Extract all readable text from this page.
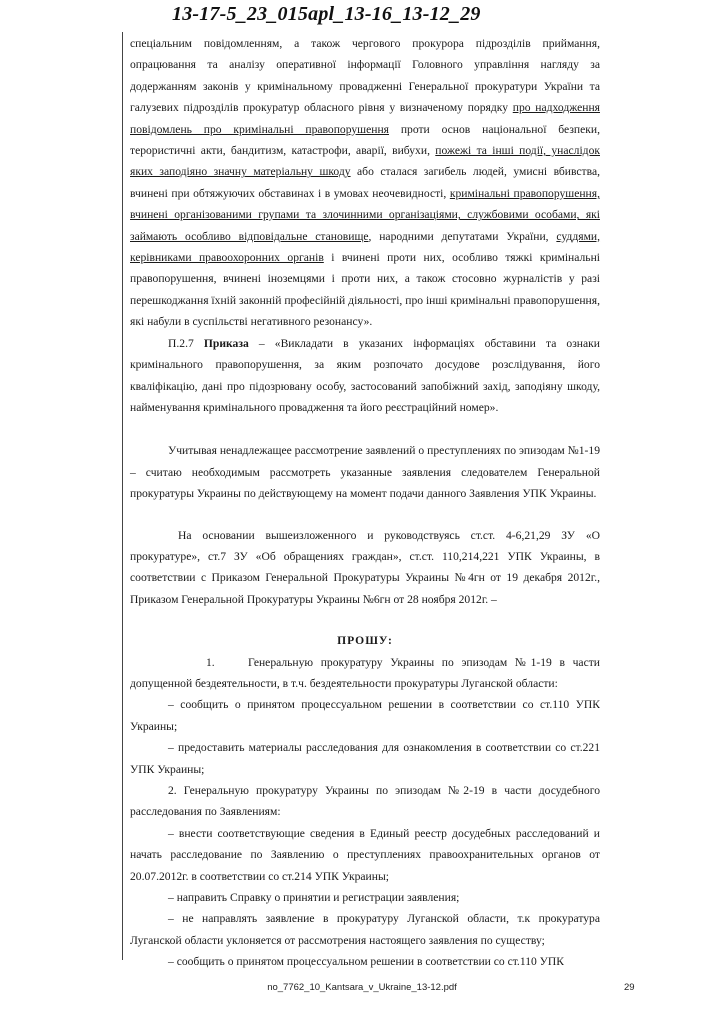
13-17-5_23_015apl_13-16_13-12_29

спеціальним повідомленням, а також чергового прокурора підрозділів приймання, опрацювання та аналізу оперативної інформації Головного управління нагляду за додержанням законів у кримінальному провадженні Генеральної прокуратури України та галузевих підрозділів прокуратур обласного рівня у визначеному порядку про надходження повідомлень про кримінальні правопорушення проти основ національної безпеки, терористичні акти, бандитизм, катастрофи, аварії, вибухи, пожежі та інші події, унаслідок яких заподіяно значну матеріальну шкоду або сталася загибель людей, умисні вбивства, вчинені при обтяжуючих обставинах і в умовах неочевидності, кримінальні правопорушення, вчинені організованими групами та злочинними організаціями, службовими особами, які займають особливо відповідальне становище, народними депутатами України, суддями, керівниками правоохоронних органів і вчинені проти них, особливо тяжкі кримінальні правопорушення, вчинені іноземцями і проти них, а також стосовно журналістів у разі перешкоджання їхній законній професійній діяльності, про інші кримінальні правопорушення, які набули в суспільстві негативного резонансу».

П.2.7 Приказа – «Викладати в указаних інформаціях обставини та ознаки кримінального правопорушення, за яким розпочато досудове розслідування, його кваліфікацію, дані про підозрювану особу, застосований запобіжний захід, заподіяну шкоду, найменування кримінального провадження та його реєстраційний номер».

Учитывая ненадлежащее рассмотрение заявлений о преступлениях по эпизодам №1-19 – считаю необходимым рассмотреть указанные заявления следователем Генеральной прокуратуры Украины по действующему на момент подачи данного Заявления УПК Украины.

На основании вышеизложенного и руководствуясь ст.ст. 4-6,21,29 ЗУ «О прокуратуре», ст.7 ЗУ «Об обращениях граждан», ст.ст. 110,214,221 УПК Украины, в соответствии с Приказом Генеральной Прокуратуры Украины №4гн от 19 декабря 2012г., Приказом Генеральной Прокуратуры Украины №6гн от 28 ноября 2012г. –

ПРОШУ:

1.	Генеральную прокуратуру Украины по эпизодам №1-19 в части допущенной бездеятельности, в т.ч. бездеятельности прокуратуры Луганской области:

– сообщить о принятом процессуальном решении в соответствии со ст.110 УПК Украины;

– предоставить материалы расследования для ознакомления в соответствии со ст.221 УПК Украины;

2. Генеральную прокуратуру Украины по эпизодам №2-19 в части досудебного расследования по Заявлениям:

– внести соответствующие сведения в Единый реестр досудебных расследований и начать расследование по Заявлению о преступлениях правоохранительных органов от 20.07.2012г. в соответствии со ст.214 УПК Украины;

– направить Справку о принятии и регистрации заявления;

– не направлять заявление в прокуратуру Луганской области, т.к прокуратура Луганской области уклоняется от рассмотрения настоящего заявления по существу;

– сообщить о принятом процессуальном решении в соответствии со ст.110 УПК

no_7762_10_Kantsara_v_Ukraine_13-12.pdf	29
